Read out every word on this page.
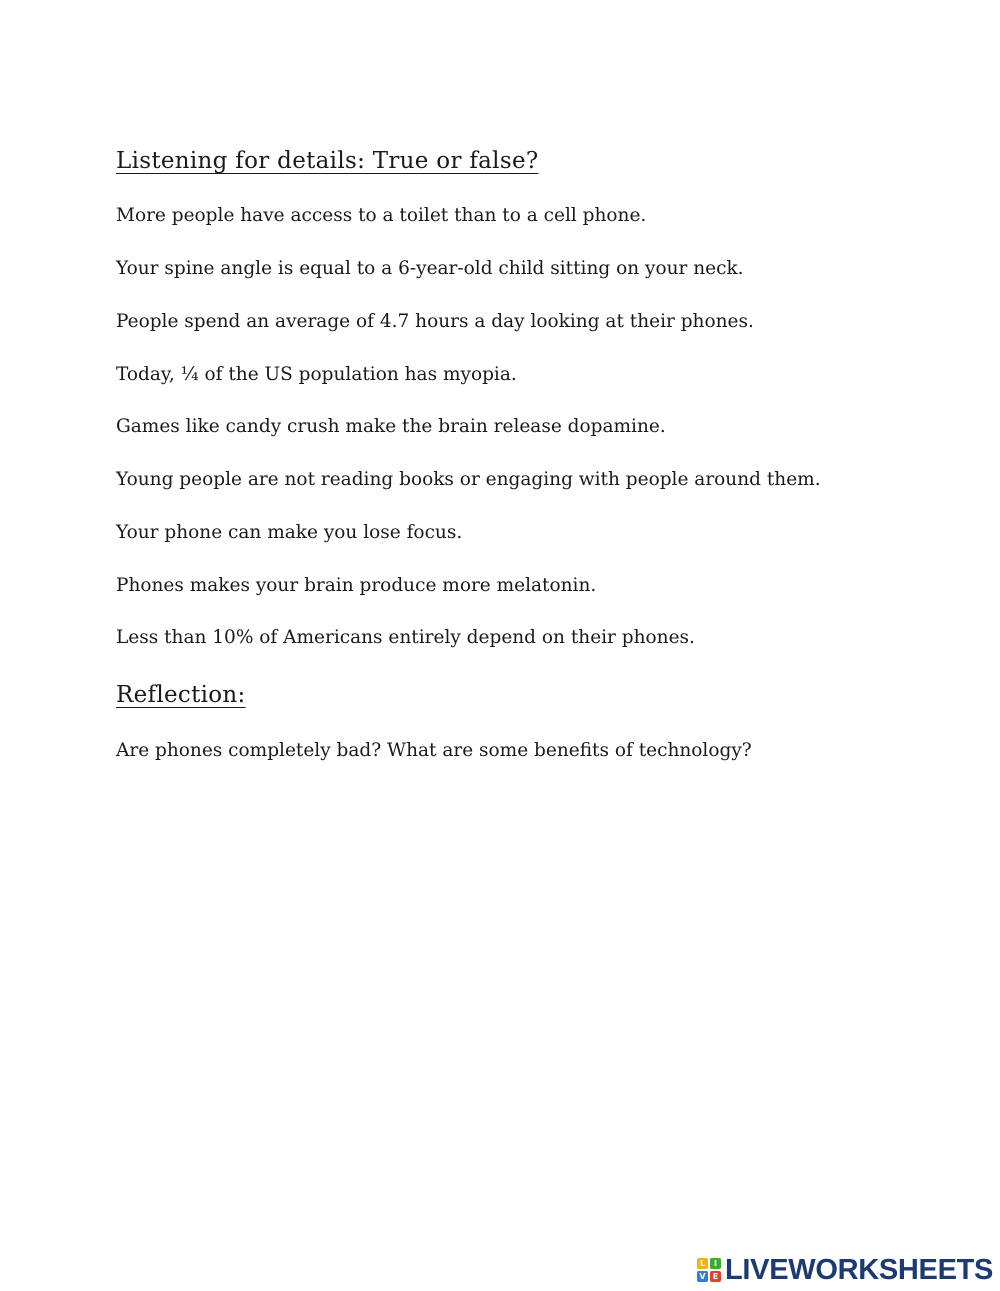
Listening for details: True or false?

More people have access to a toilet than to a cell phone.

Your spine angle is equal to a 6-year-old child sitting on your neck.

People spend an average of 4.7 hours a day looking at their phones.

Today, ¼ of the US population has myopia.

Games like candy crush make the brain release dopamine.

Young people are not reading books or engaging with people around them.

Your phone can make you lose focus.

Phones makes your brain produce more melatonin.

Less than 10% of Americans entirely depend on their phones.

Reflection:

Are phones completely bad? What are some benefits of technology?

L	I
V E LIVEWORKSHEETS
